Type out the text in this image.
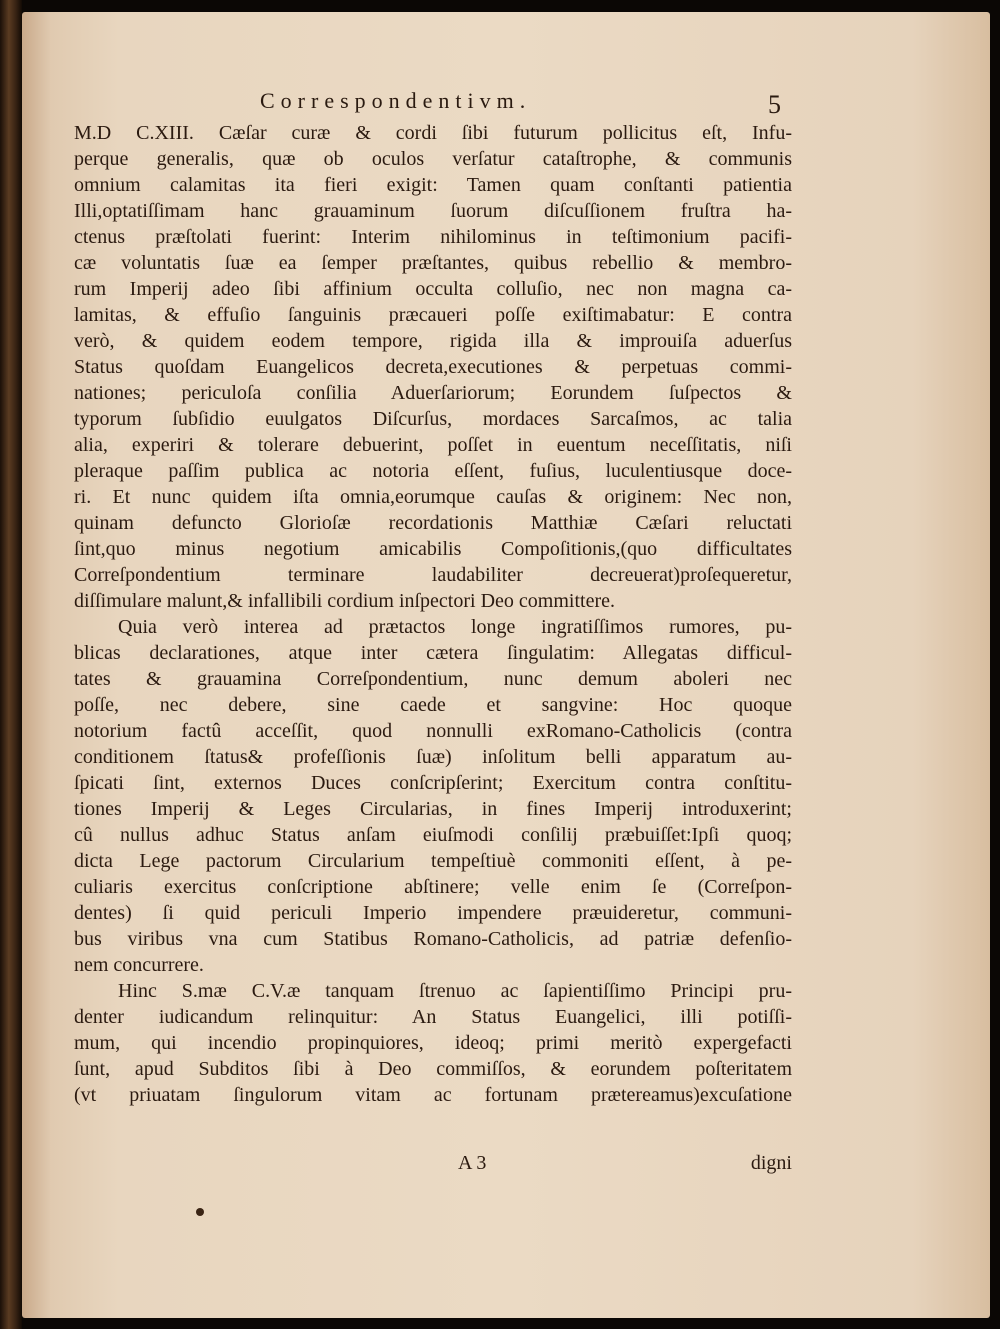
Correspondentivm.	5
M.D C.XIII. Cæſar curæ & cordi ſibi futurum pollicitus eſt, Infu-
perque generalis, quæ ob oculos verſatur cataſtrophe, & communis
omnium calamitas ita fieri exigit: Tamen quam conſtanti patientia
Illi,optatiſſimam hanc grauaminum ſuorum diſcuſſionem fruſtra ha-
ctenus præſtolati fuerint: Interim nihilominus in teſtimonium pacifi-
cæ voluntatis ſuæ ea ſemper præſtantes, quibus rebellio & membro-
rum Imperij adeo ſibi affinium occulta colluſio, nec non magna ca-
lamitas, & effuſio ſanguinis præcaueri poſſe exiſtimabatur: E contra
verò, & quidem eodem tempore, rigida illa & improuiſa aduerſus
Status quoſdam Euangelicos decreta,executiones & perpetuas commi-
nationes; periculoſa conſilia Aduerſariorum; Eorundem ſuſpectos &
typorum ſubſidio euulgatos Diſcurſus, mordaces Sarcaſmos, ac talia
alia, experiri & tolerare debuerint, poſſet in euentum neceſſitatis, niſi
pleraque paſſim publica ac notoria eſſent, fuſius, luculentiusque doce-
ri. Et nunc quidem iſta omnia,eorumque cauſas & originem: Nec non,
quinam defuncto Glorioſæ recordationis Matthiæ Cæſari reluctati
ſint,quo minus negotium amicabilis Compoſitionis,(quo difficultates
Correſpondentium terminare laudabiliter decreuerat)proſequeretur,
diſſimulare malunt,& infallibili cordium inſpectori Deo committere.
Quia verò interea ad prætactos longe ingratiſſimos rumores, pu-
blicas declarationes, atque inter cætera ſingulatim: Allegatas difficul-
tates & grauamina Correſpondentium, nunc demum aboleri nec
poſſe, nec debere, sine caede et sangvine: Hoc quoque
notorium factû acceſſit, quod nonnulli exRomano-Catholicis (contra
conditionem ſtatus& profeſſionis ſuæ) inſolitum belli apparatum au-
ſpicati ſint, externos Duces conſcripſerint; Exercitum contra conſtitu-
tiones Imperij & Leges Circularias, in fines Imperij introduxerint;
cû nullus adhuc Status anſam eiuſmodi conſilij præbuiſſet:Ipſi quoq;
dicta Lege pactorum Circularium tempeſtiuè commoniti eſſent, à pe-
culiaris exercitus conſcriptione abſtinere; velle enim ſe (Correſpon-
dentes) ſi quid periculi Imperio impendere præuideretur, communi-
bus viribus vna cum Statibus Romano-Catholicis, ad patriæ defenſio-
nem concurrere.
Hinc S.mæ C.V.æ tanquam ſtrenuo ac ſapientiſſimo Principi pru-
denter iudicandum relinquitur: An Status Euangelici, illi potiſſi-
mum, qui incendio propinquiores, ideoq; primi meritò expergefacti
ſunt, apud Subditos ſibi à Deo commiſſos, & eorundem poſteritatem
(vt priuatam ſingulorum vitam ac fortunam prætereamus)excuſatione
A 3	digni
